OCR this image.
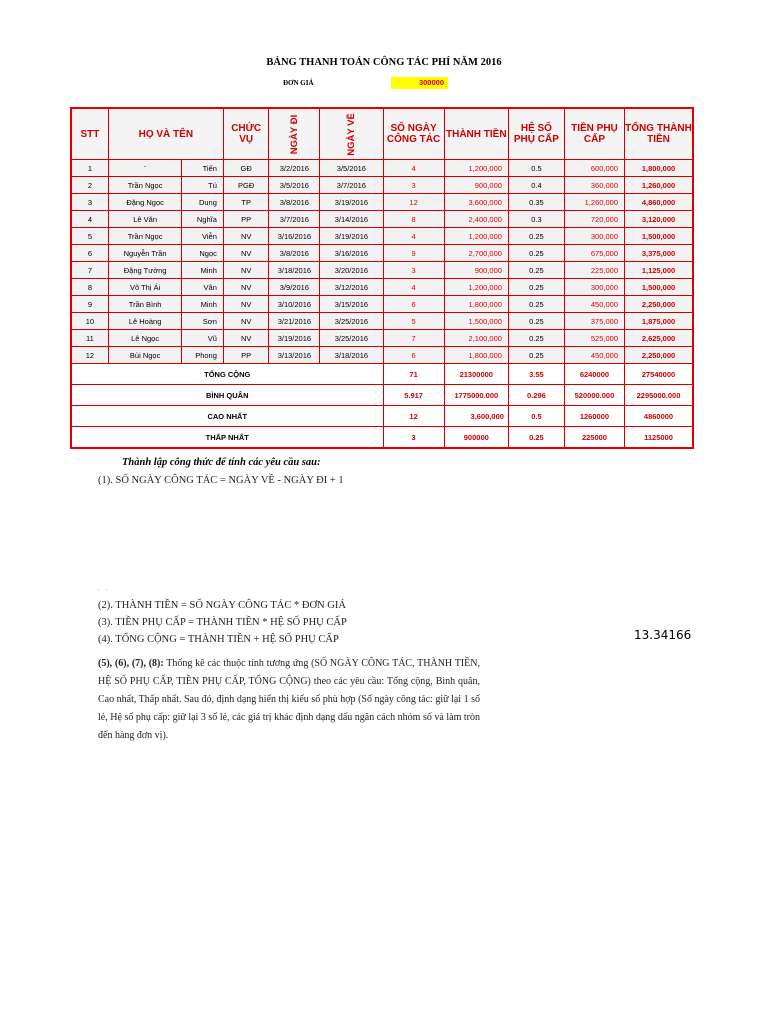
BẢNG THANH TOÁN CÔNG TÁC PHÍ NĂM 2016
ĐƠN GIÁ	300000
STT	HỌ VÀ TÊN		CHỨC VỤ	NGÀY ĐI	NGÀY VỀ	SỐ NGÀY CÔNG TÁC	THÀNH TIỀN	HỆ SỐ PHỤ CẤP	TIỀN PHỤ CẤP	TỔNG THÀNH TIỀN
1	¨	Tiến	GĐ	3/2/2016	3/5/2016	4	1,200,000	0.5	600,000	1,800,000
2	Trần Ngọc	Tú	PGĐ	3/5/2016	3/7/2016	3	900,000	0.4	360,000	1,260,000
3	Đặng Ngọc	Dung	TP	3/8/2016	3/19/2016	12	3,600,000	0.35	1,260,000	4,860,000
4	Lê Văn	Nghĩa	PP	3/7/2016	3/14/2016	8	2,400,000	0.3	720,000	3,120,000
5	Trần Ngọc	Viễn	NV	3/16/2016	3/19/2016	4	1,200,000	0.25	300,000	1,500,000
6	Nguyễn Trần	Ngọc	NV	3/8/2016	3/16/2016	9	2,700,000	0.25	675,000	3,375,000
7	Đặng Tường	Minh	NV	3/18/2016	3/20/2016	3	900,000	0.25	225,000	1,125,000
8	Võ Thị Ái	Vân	NV	3/9/2016	3/12/2016	4	1,200,000	0.25	300,000	1,500,000
9	Trần Bình	Minh	NV	3/10/2016	3/15/2016	6	1,800,000	0.25	450,000	2,250,000
10	Lê Hoàng	Sơn	NV	3/21/2016	3/25/2016	5	1,500,000	0.25	375,000	1,875,000
11	Lê Ngọc	Vũ	NV	3/19/2016	3/25/2016	7	2,100,000	0.25	525,000	2,625,000
12	Bùi Ngọc	Phong	PP	3/13/2016	3/18/2016	6	1,800,000	0.25	450,000	2,250,000
TỔNG CỘNG						71	21300000	3.55	6240000	27540000
BÌNH QUÂN						5.917	1775000.000	0.296	520000.000	2295000.000
CAO NHẤT						12	3,600,000	0.5	1260000	4860000
THẤP NHẤT						3	900000	0.25	225000	1125000
Thành lập công thức để tính các yêu cầu sau:
(1). SỐ NGÀY CÔNG TÁC = NGÀY VỀ - NGÀY ĐI + 1
. .
(2). THÀNH TIỀN = SỐ NGÀY CÔNG TÁC * ĐƠN GIÁ
(3). TIỀN PHỤ CẤP = THÀNH TIỀN * HỆ SỐ PHỤ CẤP
(4). TỔNG CỘNG = THÀNH TIỀN + HỆ SỐ PHỤ CẤP
(5), (6), (7), (8): Thống kê các thuộc tính tương ứng (SỐ NGÀY CÔNG TÁC, THÀNH TIỀN, HỆ SỐ PHỤ CẤP, TIỀN PHỤ CẤP, TỔNG CỘNG) theo các yêu cầu: Tổng cộng, Bình quân, Cao nhất, Thấp nhất. Sau đó, định dạng hiển thị kiểu số phù hợp (Số ngày công tác: giữ lại 1 số lẻ, Hệ số phụ cấp: giữ lại 3 số lẻ, các giá trị khác định dạng dấu ngăn cách nhóm số và làm tròn đến hàng đơn vị).
13.34166
